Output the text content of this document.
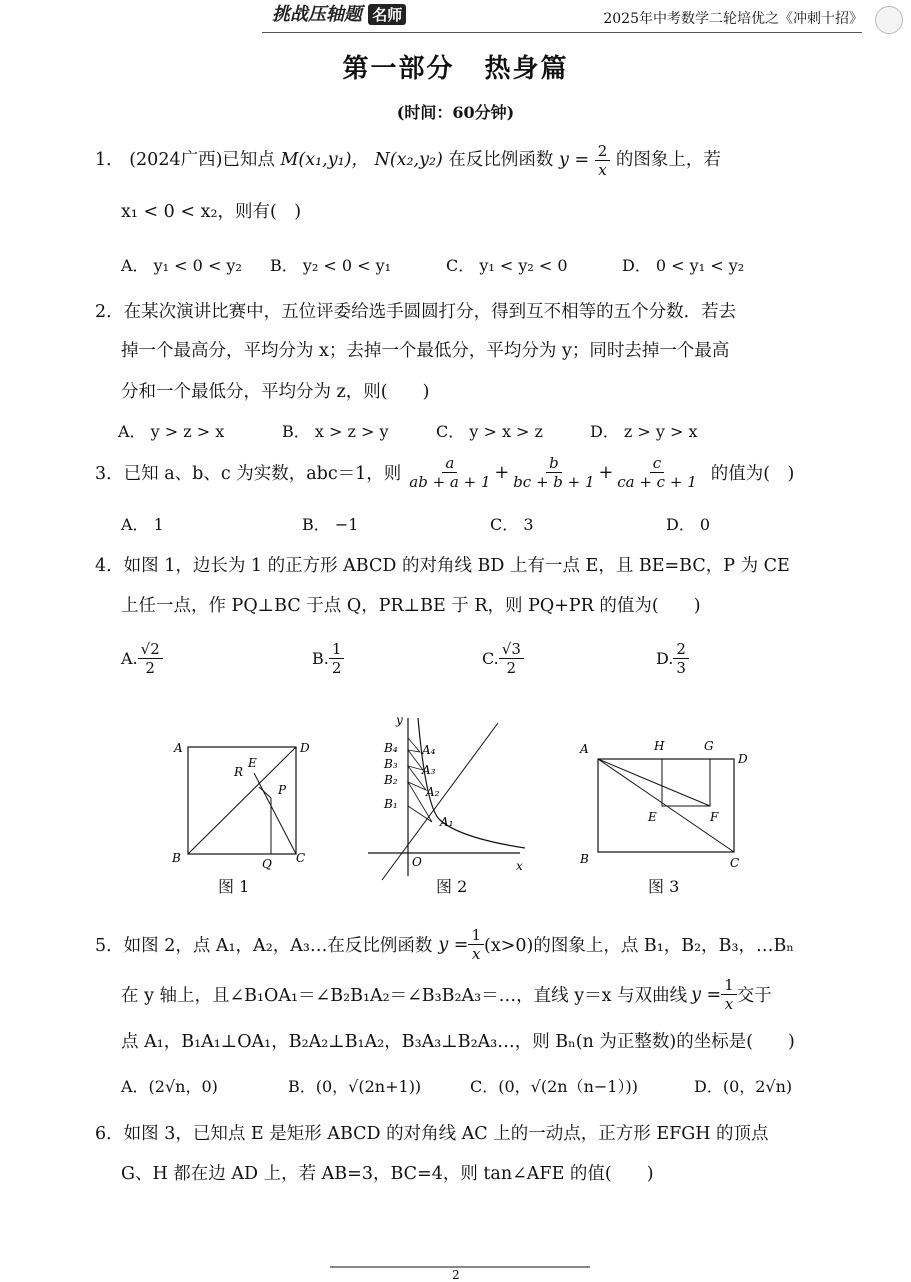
挑战压轴题 名师	2025年中考数学二轮培优之《冲刺十招》
第一部分 热身篇
(时间：60分钟)
1． (2024广西)已知点 M(x₁,y₁)， N(x₂,y₂) 在反比例函数 $y = \frac{2}{x}$ 的图象上，若
x₁ < 0 < x₂，则有(　)
A． y₁ < 0 < y₂ B． y₂ < 0 < y₁	C． y₁ < y₂ < 0	D． 0 < y₁ < y₂
2．在某次演讲比赛中，五位评委给选手圆圆打分，得到互不相等的五个分数．若去
掉一个最高分，平均分为 x；去掉一个最低分，平均分为 y；同时去掉一个最高
分和一个最低分，平均分为 z，则(　　)
A． y > z > x	B． x > z > y	C． y > x > z	D． z > y > x
3． 已知 a、b、c 为实数，abc＝1，则 $\frac{a}{ab + a + 1} + \frac{b}{bc + b + 1} + \frac{c}{ca + c + 1}$ 的值为(　)
A． 1	B． −1	C． 3	D． 0
4．如图 1，边长为 1 的正方形 ABCD 的对角线 BD 上有一点 E，且 BE=BC，P 为 CE
上任一点，作 PQ⊥BC 于点 Q，PR⊥BE 于 R，则 PQ+PR 的值为(　　)
A. $\frac{√2}{2}$	B. $\frac{1}{2}$	C. $\frac{√3}{2}$	D. $\frac{2}{3}$
A	D
B	C
E
R
P
Q
图 1
y
x
O
B₄
B₃
B₂
B₁
A₄
A₃
A₂
A₁
图 2
A	H	G
D
E	F
B	C
图 3
5． 如图 2，点 A₁，A₂，A₃…在反比例函数 $y = \frac{1}{x} (x>0)$的图象上，点 B₁，B₂，B₃，…Bₙ
在 y 轴上，且∠B₁OA₁＝∠B₂B₁A₂＝∠B₃B₂A₃＝…，直线 y＝x 与双曲线 $y = \frac{1}{x}$ 交于
点 A₁，B₁A₁⊥OA₁，B₂A₂⊥B₁A₂，B₃A₃⊥B₂A₃…，则 Bₙ(n 为正整数)的坐标是(　　)
A．(2√n，0)	B．(0，√(2n+1))	C．(0，√(2n（n−1）))	D．(0，2√n)
6．如图 3，已知点 E 是矩形 ABCD 的对角线 AC 上的一动点，正方形 EFGH 的顶点
G、H 都在边 AD 上，若 AB=3，BC=4，则 tan∠AFE 的值(　　)
2
